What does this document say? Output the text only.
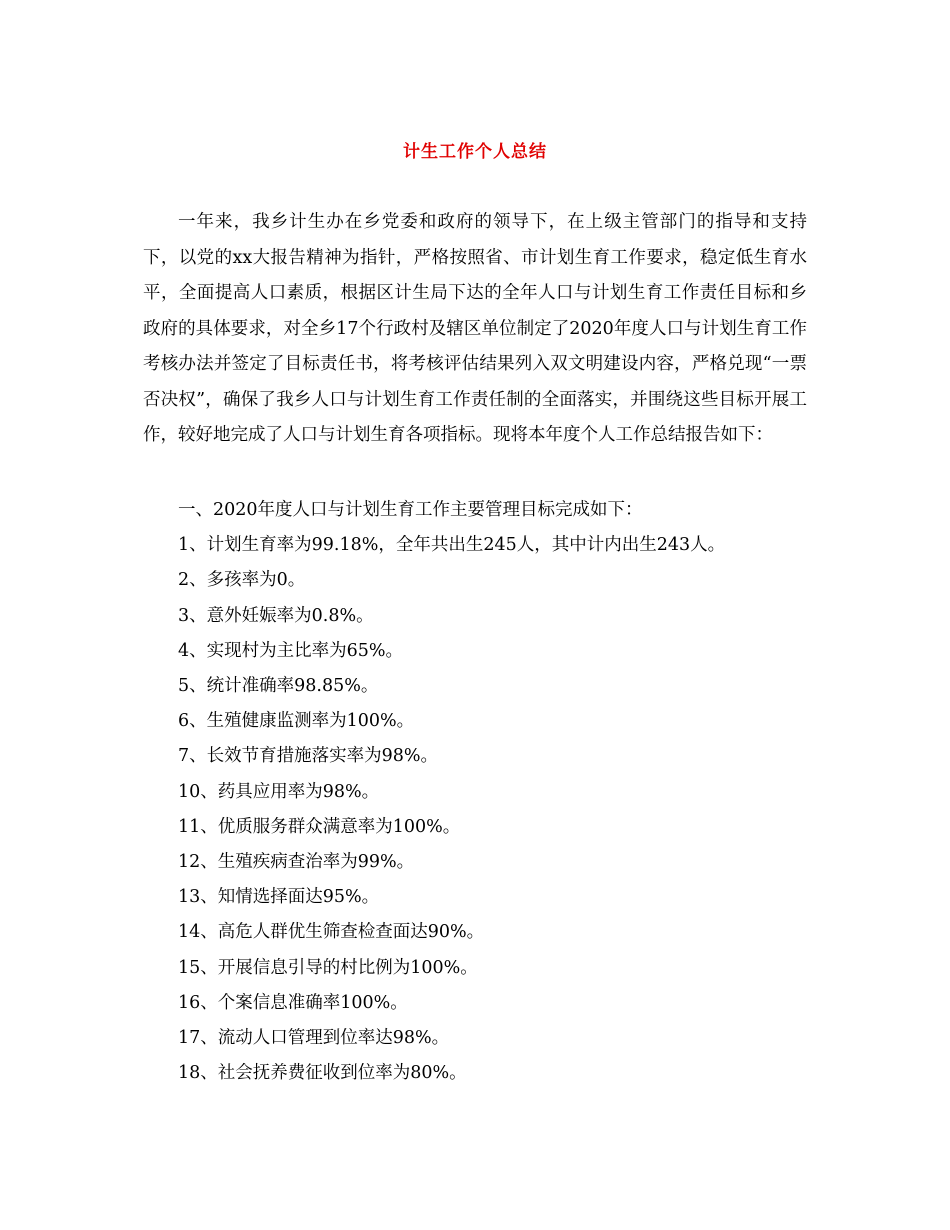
计生工作个人总结

一年来，我乡计生办在乡党委和政府的领导下，在上级主管部门的指导和支持下，以党的xx大报告精神为指针，严格按照省、市计划生育工作要求，稳定低生育水平，全面提高人口素质，根据区计生局下达的全年人口与计划生育工作责任目标和乡政府的具体要求，对全乡17个行政村及辖区单位制定了2020年度人口与计划生育工作考核办法并签定了目标责任书，将考核评估结果列入双文明建设内容，严格兑现“一票否决权”，确保了我乡人口与计划生育工作责任制的全面落实，并围绕这些目标开展工作，较好地完成了人口与计划生育各项指标。现将本年度个人工作总结报告如下：

一、2020年度人口与计划生育工作主要管理目标完成如下：
1、计划生育率为99.18%，全年共出生245人，其中计内出生243人。
2、多孩率为0。
3、意外妊娠率为0.8%。
4、实现村为主比率为65%。
5、统计准确率98.85%。
6、生殖健康监测率为100%。
7、长效节育措施落实率为98%。
10、药具应用率为98%。
11、优质服务群众满意率为100%。
12、生殖疾病查治率为99%。
13、知情选择面达95%。
14、高危人群优生筛查检查面达90%。
15、开展信息引导的村比例为100%。
16、个案信息准确率100%。
17、流动人口管理到位率达98%。
18、社会抚养费征收到位率为80%。
